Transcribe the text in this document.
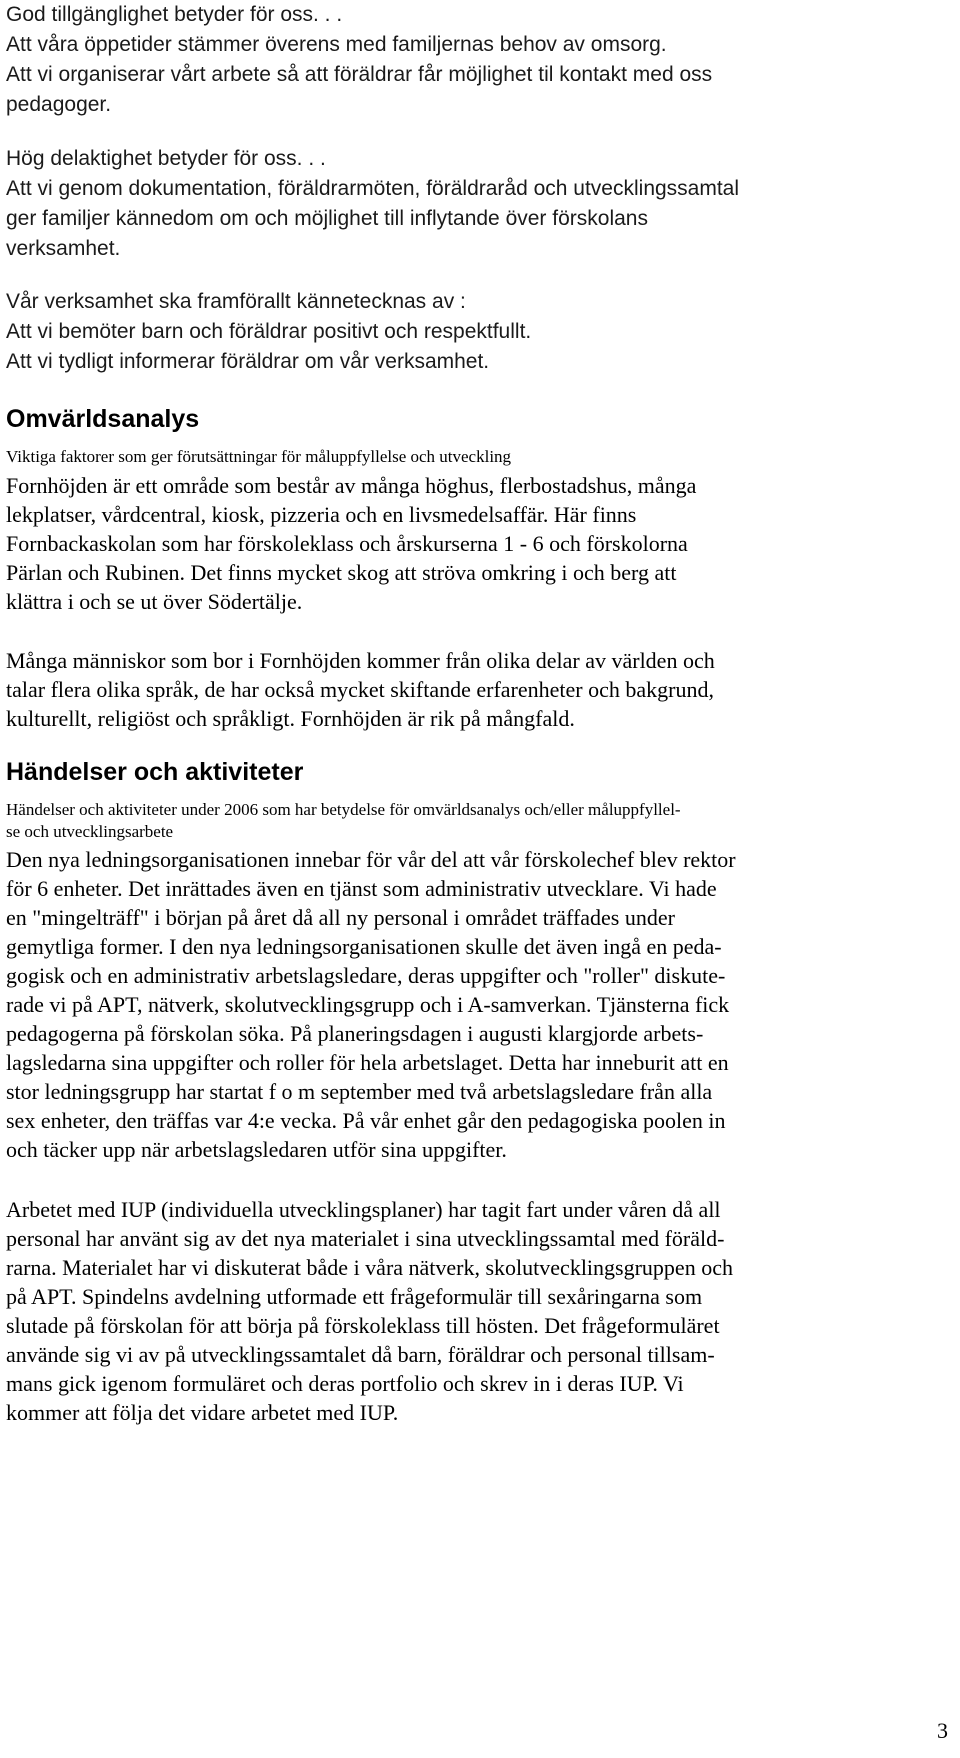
God tillgänglighet betyder för oss. . .
Att våra öppetider stämmer överens med familjernas behov av omsorg.
Att vi organiserar vårt arbete så att föräldrar får möjlighet til kontakt med oss
pedagoger.
Hög delaktighet betyder för oss. . .
Att vi genom dokumentation, föräldrarmöten, föräldraråd och utvecklingssamtal
ger familjer kännedom om och möjlighet till inflytande över förskolans
verksamhet.
Vår verksamhet ska framförallt kännetecknas av :
Att vi bemöter barn och föräldrar positivt och respektfullt.
Att vi tydligt informerar föräldrar om vår verksamhet.
Omvärldsanalys
Viktiga faktorer som ger förutsättningar för måluppfyllelse och utveckling
Fornhöjden är ett område som består av många höghus, flerbostadshus, många
lekplatser, vårdcentral, kiosk, pizzeria och en livsmedelsaffär. Här finns
Fornbackaskolan som har förskoleklass och årskurserna 1 - 6 och förskolorna
Pärlan och Rubinen. Det finns mycket skog att ströva omkring i och berg att
klättra i och se ut över Södertälje.
Många människor som bor i Fornhöjden kommer från olika delar av världen och
talar flera olika språk, de har också mycket skiftande erfarenheter och bakgrund,
kulturellt, religiöst och språkligt. Fornhöjden är rik på mångfald.
Händelser och aktiviteter
Händelser och aktiviteter under 2006 som har betydelse för omvärldsanalys och/eller måluppfyllel-
se och utvecklingsarbete
Den nya ledningsorganisationen innebar för vår del att vår förskolechef blev rektor
för 6 enheter. Det inrättades även en tjänst som administrativ utvecklare. Vi hade
en "mingelträff" i början på året då all ny personal i området träffades under
gemytliga former. I den nya ledningsorganisationen skulle det även ingå en peda-
gogisk och en administrativ arbetslagsledare, deras uppgifter och "roller" diskute-
rade vi på APT, nätverk, skolutvecklingsgrupp och i A-samverkan. Tjänsterna fick
pedagogerna på förskolan söka. På planeringsdagen i augusti klargjorde arbets-
lagsledarna sina uppgifter och roller för hela arbetslaget. Detta har inneburit att en
stor ledningsgrupp har startat f o m september med två arbetslagsledare från alla
sex enheter, den träffas var 4:e vecka. På vår enhet går den pedagogiska poolen in
och täcker upp när arbetslagsledaren utför sina uppgifter.
Arbetet med IUP (individuella utvecklingsplaner) har tagit fart under våren då all
personal har använt sig av det nya materialet i sina utvecklingssamtal med föräld-
rarna. Materialet har vi diskuterat både i våra nätverk, skolutvecklingsgruppen och
på APT. Spindelns avdelning utformade ett frågeformulär till sexåringarna som
slutade på förskolan för att börja på förskoleklass till hösten. Det frågeformuläret
använde sig vi av på utvecklingssamtalet då barn, föräldrar och personal tillsam-
mans gick igenom formuläret och deras portfolio och skrev in i deras IUP. Vi
kommer att följa det vidare arbetet med IUP.
3
